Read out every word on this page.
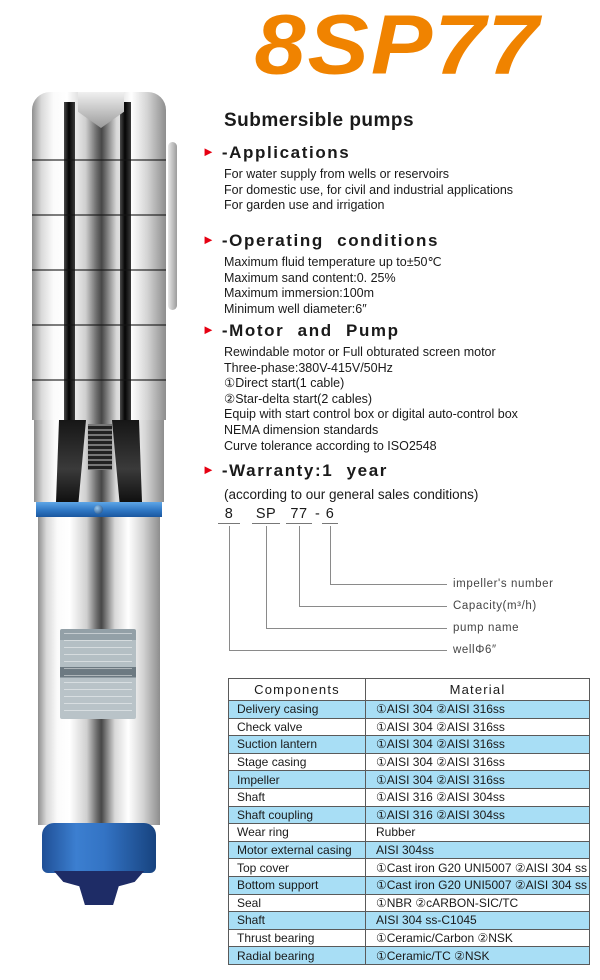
8SP77
Submersible pumps
► -Applications
For water supply from wells or reservoirs
For domestic use, for civil and industrial applications
For garden use and irrigation
► -Operating conditions
Maximum fluid temperature up to±50℃
Maximum sand content:0. 25%
Maximum immersion:100m
Minimum well diameter:6″
► -Motor and Pump
Rewindable motor or Full obturated screen motor
Three-phase:380V-415V/50Hz
①Direct start(1 cable)
②Star-delta start(2 cables)
Equip with start control box or digital auto-control box
NEMA dimension standards
Curve tolerance according to ISO2548
► -Warranty:1 year
(according to our general sales conditions)
8	SP 77 - 6
impeller's number
Capacity(m³/h)
pump name
wellΦ6″
Components	Material
Delivery casing	①AISI 304 ②AISI 316ss
Check valve	①AISI 304 ②AISI 316ss
Suction lantern	①AISI 304 ②AISI 316ss
Stage casing	①AISI 304 ②AISI 316ss
Impeller	①AISI 304 ②AISI 316ss
Shaft	①AISI 316 ②AISI 304ss
Shaft coupling	①AISI 316 ②AISI 304ss
Wear ring	Rubber
Motor external casing	AISI 304ss
Top cover	①Cast iron G20 UNI5007 ②AISI 304 ss
Bottom support	①Cast iron G20 UNI5007 ②AISI 304 ss
Seal	①NBR ②cARBON-SIC/TC
Shaft	AISI 304 ss-C1045
Thrust bearing	①Ceramic/Carbon ②NSK
Radial bearing	①Ceramic/TC ②NSK
